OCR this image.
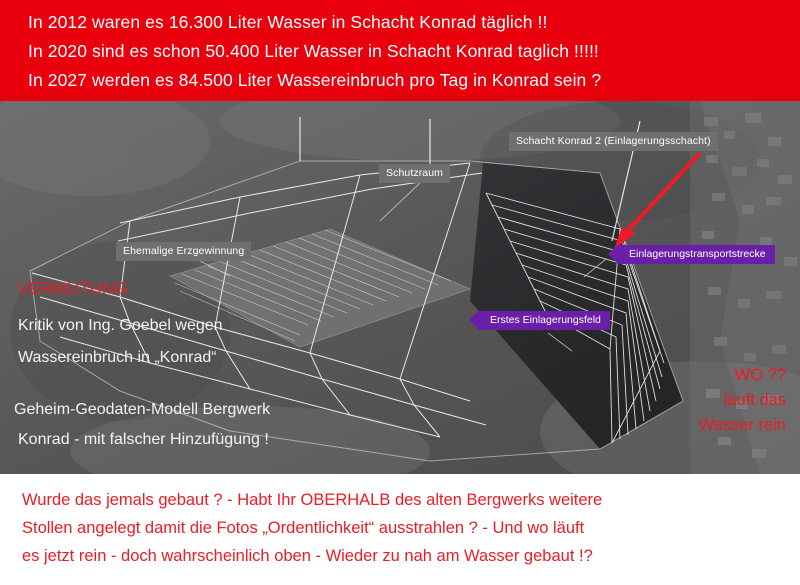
In 2012 waren es 16.300 Liter Wasser in Schacht Konrad täglich !!
In 2020 sind es schon 50.400 Liter Wasser in Schacht Konrad taglich !!!!!
In 2027 werden es 84.500 Liter Wassereinbruch pro Tag in Konrad sein ?
Schacht Konrad 2 (Einlagerungsschacht)
Schutzraum
Ehemalige Erzgewinnung	Einlagerungstransportstrecke
Erstes Einlagerungsfeld
VERMUTUNG
Kritik von Ing. Goebel wegen
Wassereinbruch in „Konrad“
Geheim-Geodaten-Modell Bergwerk
Konrad - mit falscher Hinzufügung !
WO ??
läuft das
Wasser rein
Wurde das jemals gebaut ? - Habt Ihr OBERHALB des alten Bergwerks weitere
Stollen angelegt damit die Fotos „Ordentlichkeit“ ausstrahlen ? - Und wo läuft
es jetzt rein - doch wahrscheinlich oben - Wieder zu nah am Wasser gebaut !?
